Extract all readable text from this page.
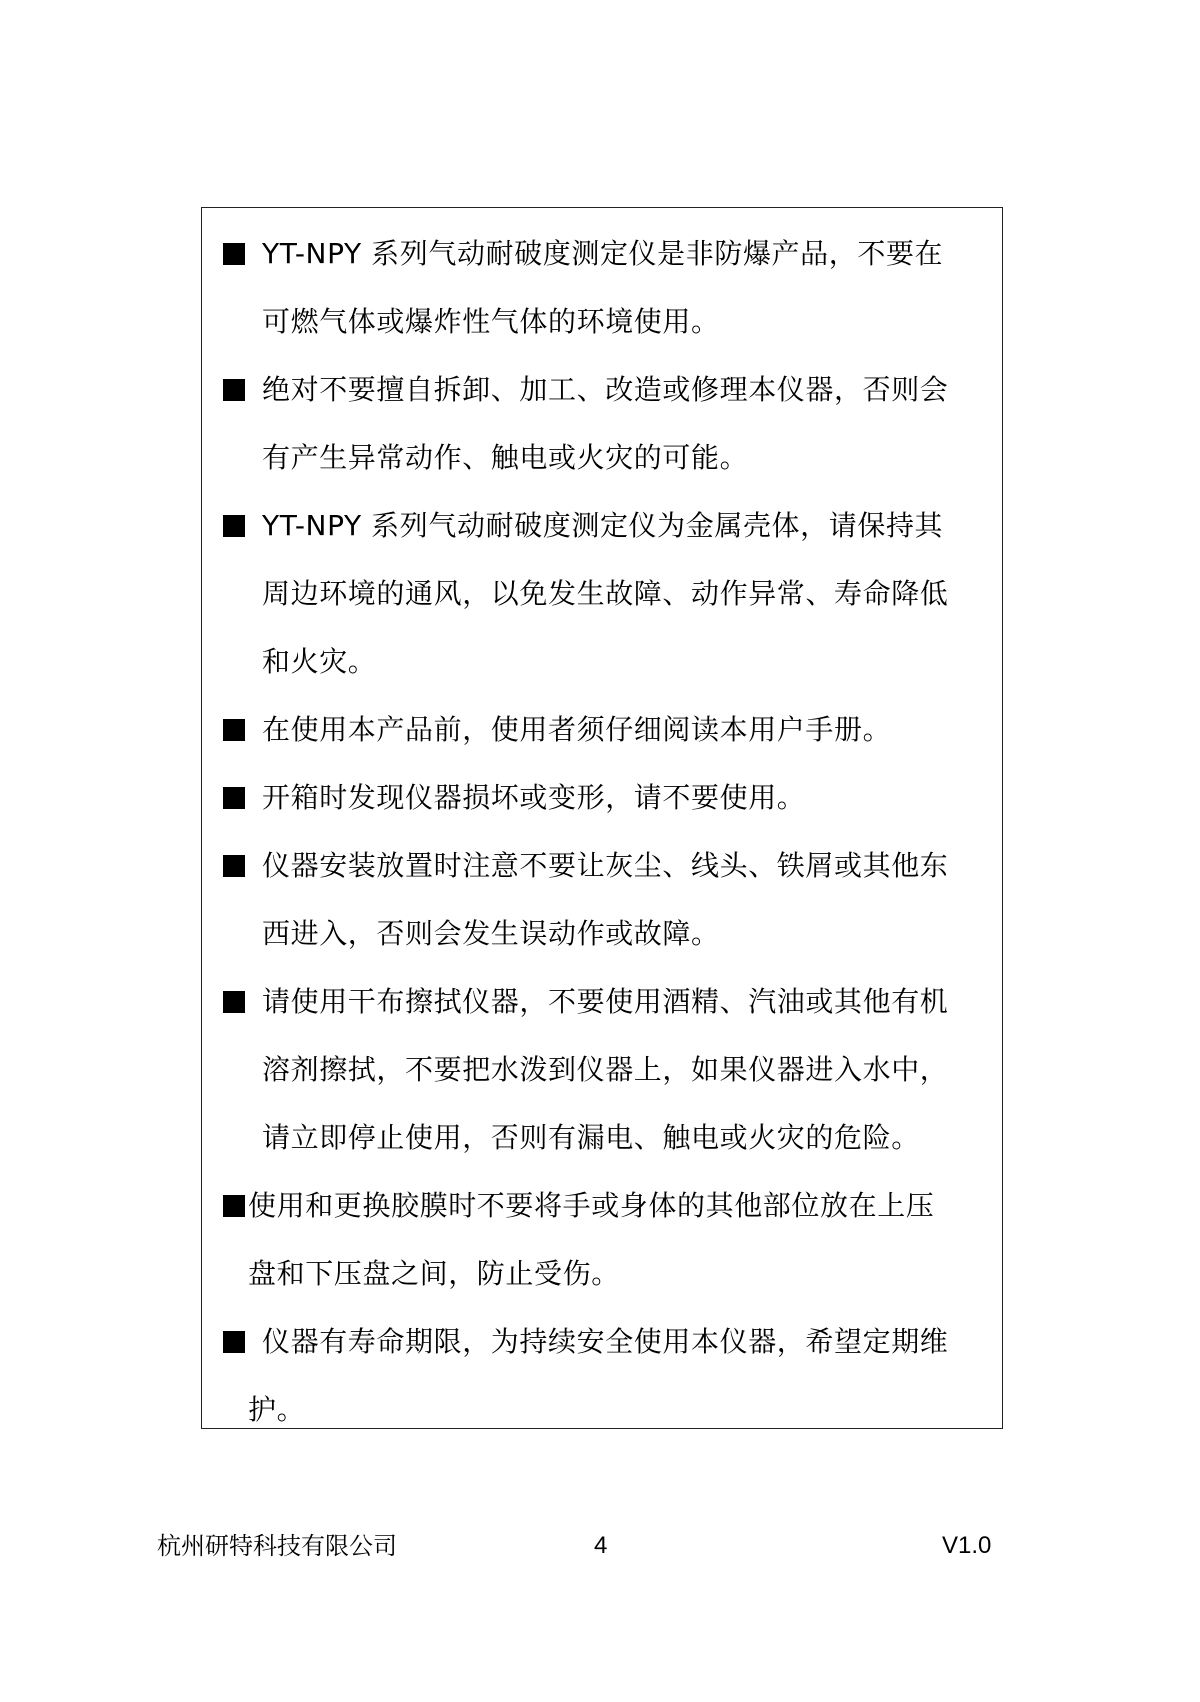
YT-NPY 系列气动耐破度测定仪是非防爆产品，不要在
可燃气体或爆炸性气体的环境使用。
绝对不要擅自拆卸、加工、改造或修理本仪器，否则会
有产生异常动作、触电或火灾的可能。
YT-NPY 系列气动耐破度测定仪为金属壳体，请保持其
周边环境的通风，以免发生故障、动作异常、寿命降低
和火灾。
在使用本产品前，使用者须仔细阅读本用户手册。
开箱时发现仪器损坏或变形，请不要使用。
仪器安装放置时注意不要让灰尘、线头、铁屑或其他东
西进入，否则会发生误动作或故障。
请使用干布擦拭仪器，不要使用酒精、汽油或其他有机
溶剂擦拭，不要把水泼到仪器上，如果仪器进入水中，
请立即停止使用，否则有漏电、触电或火灾的危险。
使用和更换胶膜时不要将手或身体的其他部位放在上压
盘和下压盘之间，防止受伤。
仪器有寿命期限，为持续安全使用本仪器，希望定期维
护。
杭州研特科技有限公司	4	V1.0
